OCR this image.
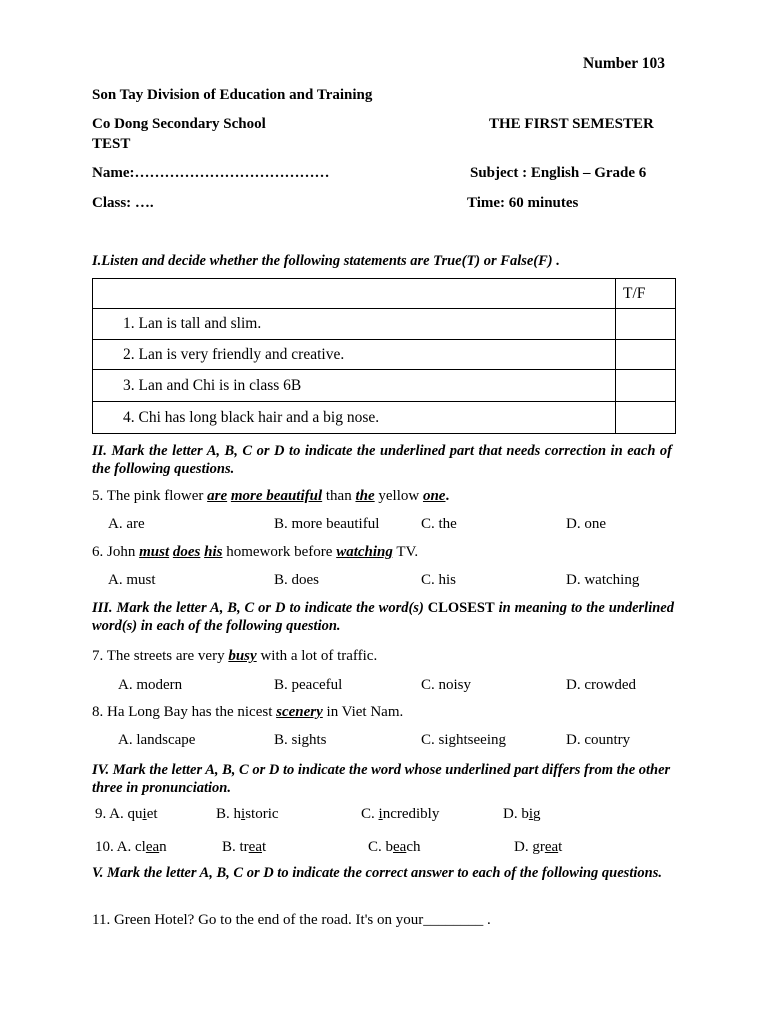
Number 103
Son Tay Division of Education and Training
Co Dong Secondary School	THE FIRST SEMESTER
TEST
Name:…………………………………	Subject : English – Grade 6
Class: ….	Time: 60 minutes
I.Listen and decide whether the following statements are True(T) or False(F) .
	T/F
1. Lan is tall and slim.	
2. Lan is very friendly and creative.	
3. Lan and Chi is in class 6B	
4. Chi has long black hair and a big nose.	
II. Mark the letter A, B, C or D to indicate the underlined part that needs correction in each of the following questions.
5. The pink flower are more beautiful than the yellow one.
A. are	B. more beautiful	C. the	D. one
6. John must does his homework before watching TV.
A. must	B. does	C. his	D. watching
III. Mark the letter A, B, C or D to indicate the word(s) CLOSEST in meaning to the underlined word(s) in each of the following question.
7. The streets are very busy with a lot of traffic.
A. modern	B. peaceful	C. noisy	D. crowded
8. Ha Long Bay has the nicest scenery in Viet Nam.
A. landscape	B. sights	C. sightseeing	D. country
IV. Mark the letter A, B, C or D to indicate the word whose underlined part differs from the other three in pronunciation.
9. A. quiet	B. historic	C. incredibly	D. big
10. A. clean	B. treat	C. beach	D. great
V. Mark the letter A, B, C or D to indicate the correct answer to each of the following questions.
11. Green Hotel? Go to the end of the road. It's on your________ .
